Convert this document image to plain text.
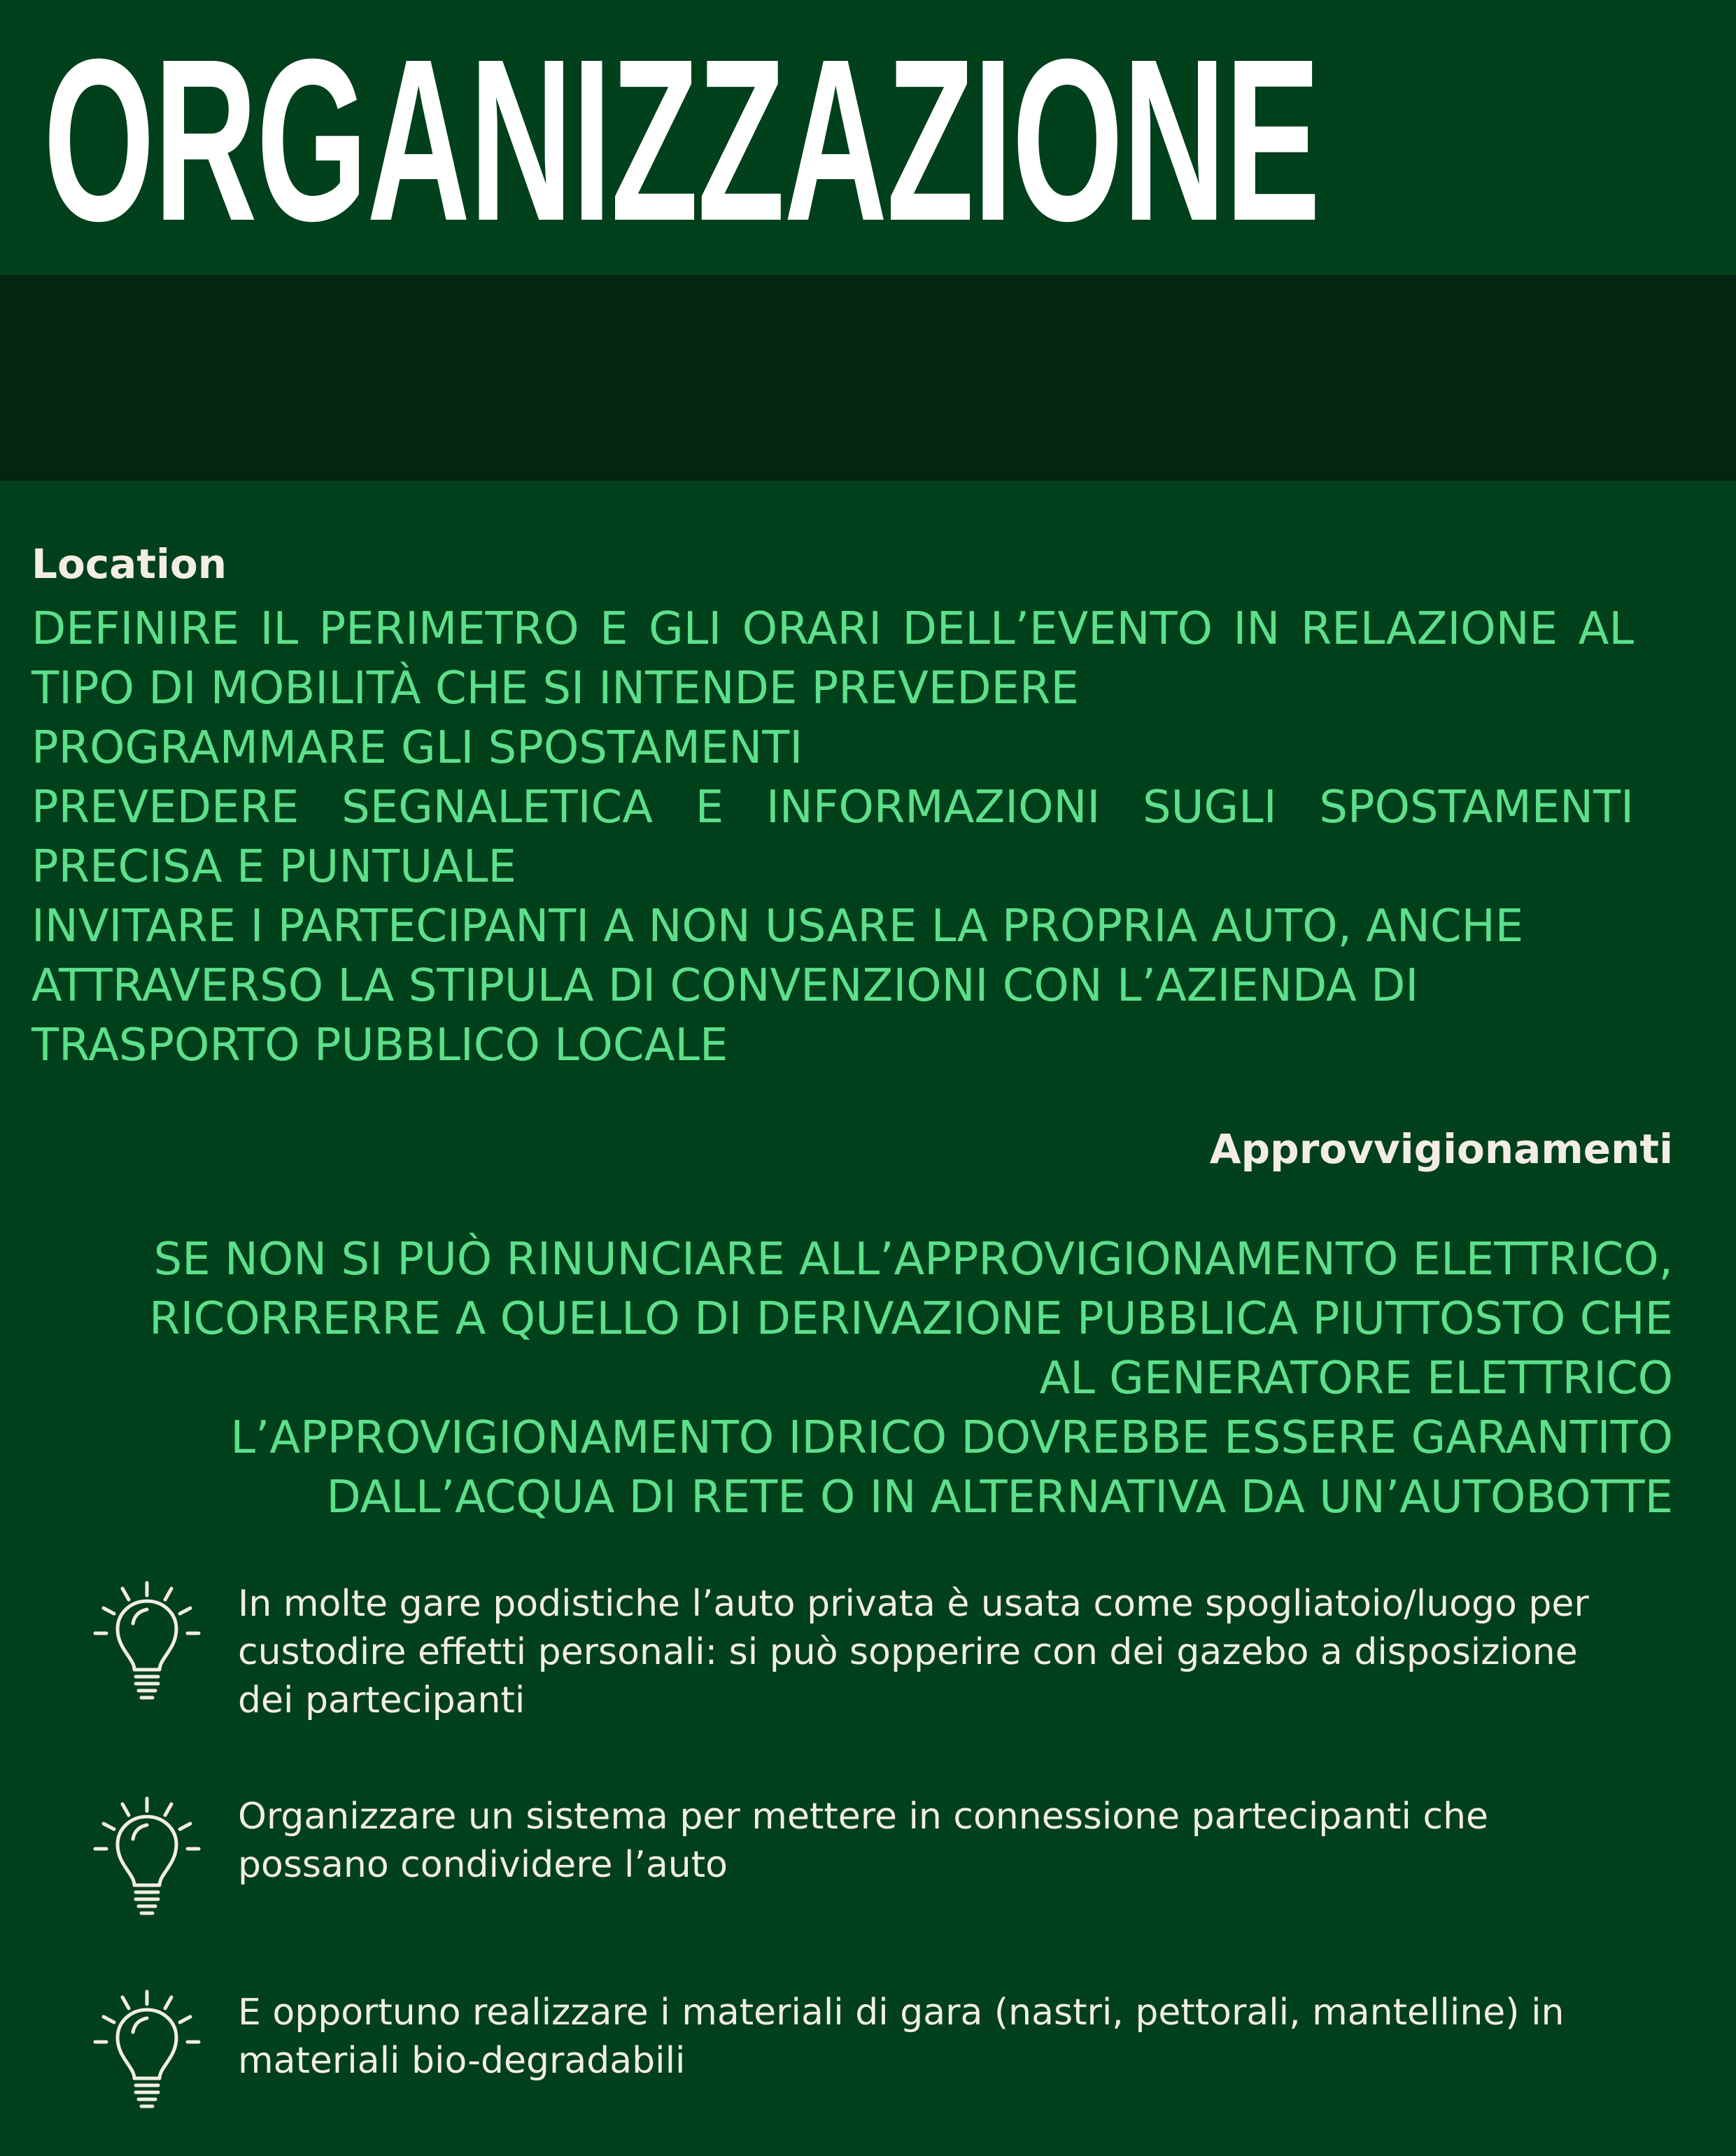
ORGANIZZAZIONE
Location
DEFINIRE IL PERIMETRO E GLI ORARI DELL’EVENTO IN RELAZIONE AL
TIPO DI MOBILITÀ CHE SI INTENDE PREVEDERE
PROGRAMMARE GLI SPOSTAMENTI
PREVEDERE SEGNALETICA E INFORMAZIONI SUGLI SPOSTAMENTI
PRECISA E PUNTUALE
INVITARE I PARTECIPANTI A NON USARE LA PROPRIA AUTO, ANCHE
ATTRAVERSO LA STIPULA DI CONVENZIONI CON L’AZIENDA DI
TRASPORTO PUBBLICO LOCALE
Approvvigionamenti
SE NON SI PUÒ RINUNCIARE ALL’APPROVIGIONAMENTO ELETTRICO,
RICORRERRE A QUELLO DI DERIVAZIONE PUBBLICA PIUTTOSTO CHE
AL GENERATORE ELETTRICO
L’APPROVIGIONAMENTO IDRICO DOVREBBE ESSERE GARANTITO
DALL’ACQUA DI RETE O IN ALTERNATIVA DA UN’AUTOBOTTE

In molte gare podistiche l’auto privata è usata come spogliatoio/luogo per
custodire effetti personali: si può sopperire con dei gazebo a disposizione
dei partecipanti

Organizzare un sistema per mettere in connessione partecipanti che
possano condividere l’auto

E opportuno realizzare i materiali di gara (nastri, pettorali, mantelline) in
materiali bio-degradabili
